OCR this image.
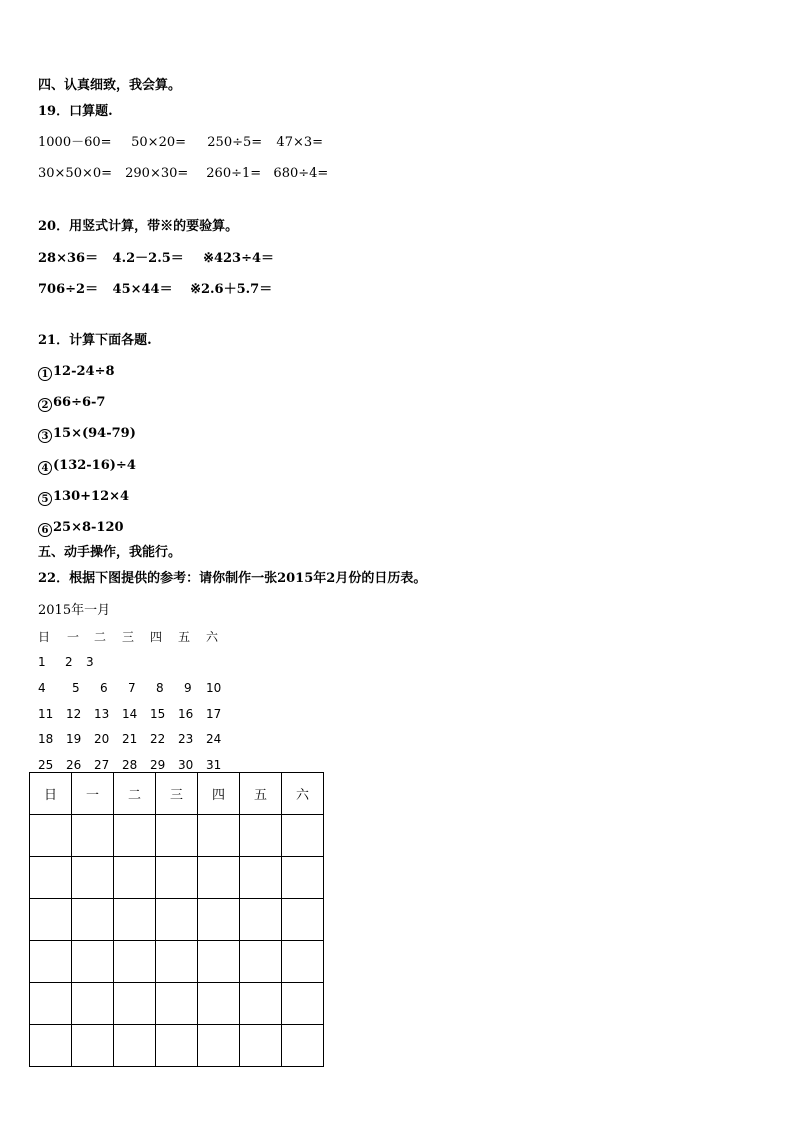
四、认真细致，我会算。
19．口算题.
1000－60= 50×20= 250÷5= 47×3=
30×50×0= 290×30= 260÷1= 680÷4=
20．用竖式计算，带※的要验算。
28×36＝ 4.2－2.5＝ ※423÷4＝
706÷2＝ 45×44＝ ※2.6＋5.7＝
21．计算下面各题.
1 12-24÷8
2 66÷6-7
3 15×(94-79)
4 (132-16)÷4
5 130+12×4
6 25×8-120
五、动手操作，我能行。
22．根据下图提供的参考：请你制作一张2015年2月份的日历表。
2015年一月
日 一 二 三 四 五 六
1 2 3
4 5 6 7 8 9 10
11 12 13 14 15 16 17
18 19 20 21 22 23 24
25 26 27 28 29 30 31
日	一	二	三	四	五	六
